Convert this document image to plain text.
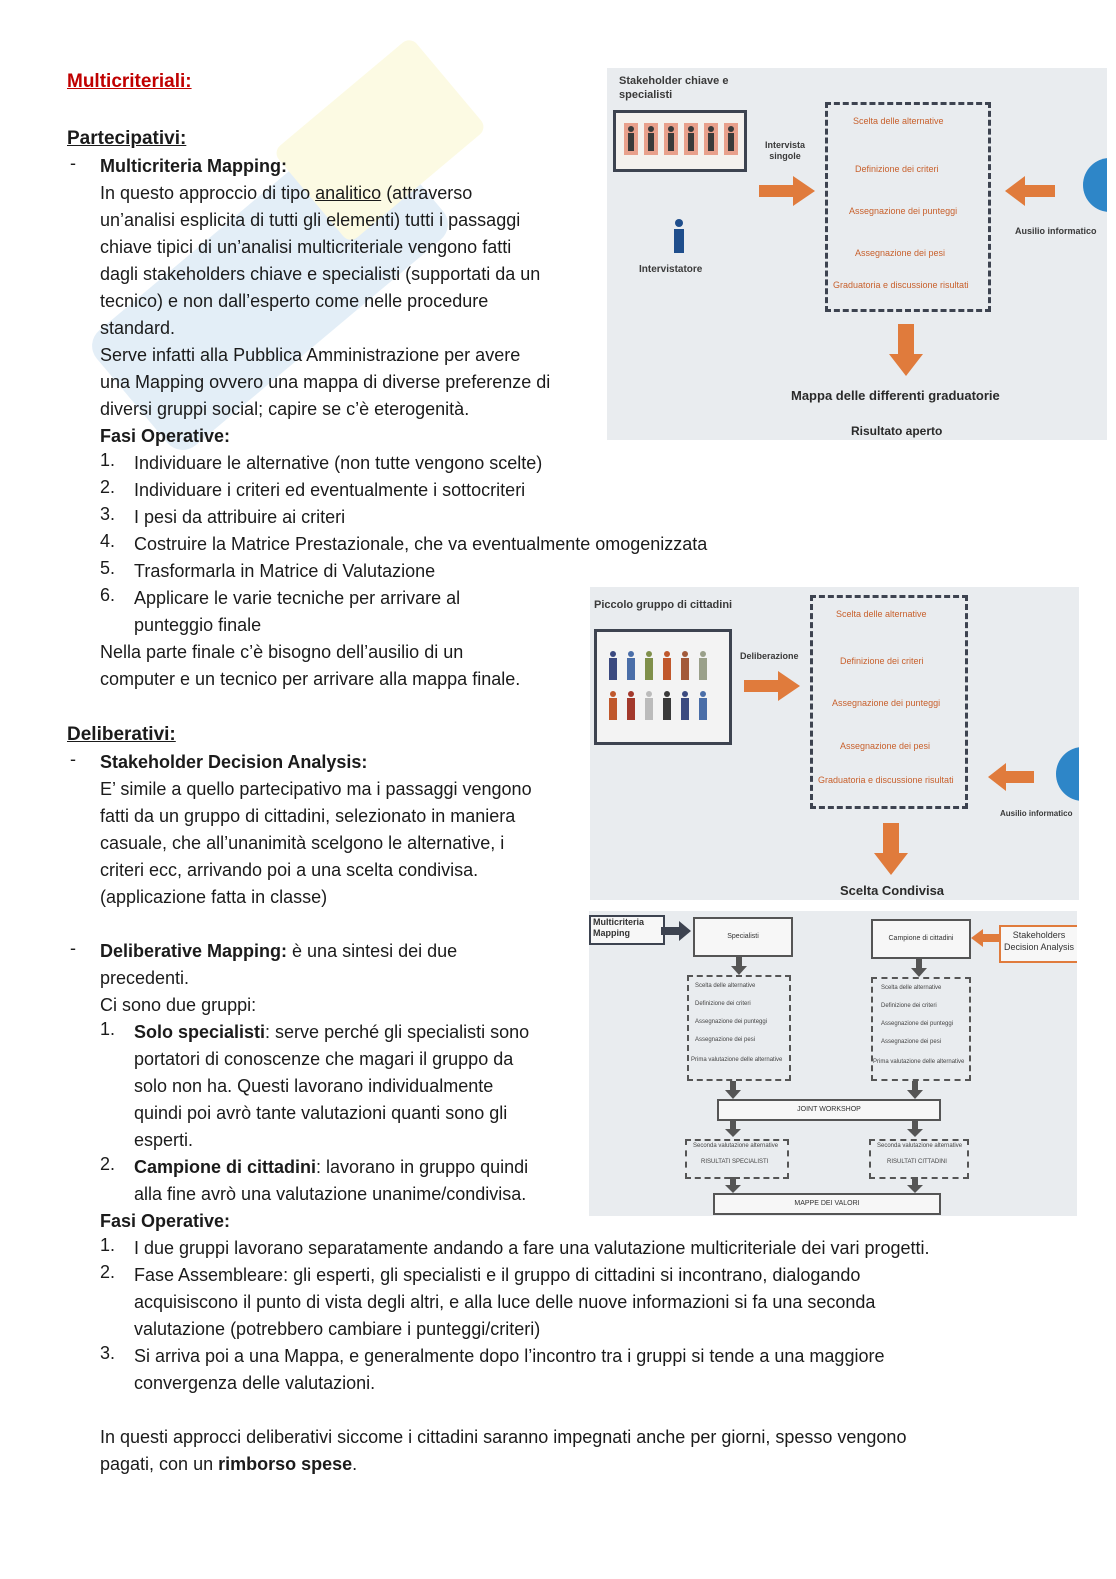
Multicriteriali:
Partecipativi:
- Multicriteria Mapping:
In questo approccio di tipo analitico (attraverso
un’analisi esplicita di tutti gli elementi) tutti i passaggi
chiave tipici di un’analisi multicriteriale vengono fatti
dagli stakeholders chiave e specialisti (supportati da un
tecnico) e non dall’esperto come nelle procedure
standard.
Serve infatti alla Pubblica Amministrazione per avere
una Mapping ovvero una mappa di diverse preferenze di
diversi gruppi social; capire se c’è eterogenità.
Fasi Operative:
1.	Individuare le alternative (non tutte vengono scelte)
2.	Individuare i criteri ed eventualmente i sottocriteri
3.	I pesi da attribuire ai criteri
4.	Costruire la Matrice Prestazionale, che va eventualmente omogenizzata
5.	Trasformarla in Matrice di Valutazione
6.	Applicare le varie tecniche per arrivare al
punteggio finale
Nella parte finale c’è bisogno dell’ausilio di un
computer e un tecnico per arrivare alla mappa finale.
Deliberativi:
- Stakeholder Decision Analysis:
E’ simile a quello partecipativo ma i passaggi vengono
fatti da un gruppo di cittadini, selezionato in maniera
casuale, che all’unanimità scelgono le alternative, i
criteri ecc, arrivando poi a una scelta condivisa.
(applicazione fatta in classe)
- Deliberative Mapping: è una sintesi dei due
precedenti.
Ci sono due gruppi:
1.	Solo specialisti: serve perché gli specialisti sono
portatori di conoscenze che magari il gruppo da
solo non ha. Questi lavorano individualmente
quindi poi avrò tante valutazioni quanti sono gli
esperti.
2.	Campione di cittadini: lavorano in gruppo quindi
alla fine avrò una valutazione unanime/condivisa.
Fasi Operative:
1.	I due gruppi lavorano separatamente andando a fare una valutazione multicriteriale dei vari progetti.
2.	Fase Assembleare: gli esperti, gli specialisti e il gruppo di cittadini si incontrano, dialogando
acquisiscono il punto di vista degli altri, e alla luce delle nuove informazioni si fa una seconda
valutazione (potrebbero cambiare i punteggi/criteri)
3.	Si arriva poi a una Mappa, e generalmente dopo l’incontro tra i gruppi si tende a una maggiore
convergenza delle valutazioni.
In questi approcci deliberativi siccome i cittadini saranno impegnati anche per giorni, spesso vengono
pagati, con un rimborso spese.
Stakeholder chiave e specialisti
Intervista singole
Intervistatore
Scelta delle alternative
Definizione dei criteri
Assegnazione dei punteggi
Assegnazione dei pesi
Graduatoria e discussione risultati
Ausilio informatico
Mappa delle differenti graduatorie
Risultato aperto
Piccolo gruppo di cittadini
Deliberazione
Scelta delle alternative
Definizione dei criteri
Assegnazione dei punteggi
Assegnazione dei pesi
Graduatoria e discussione risultati
Ausilio informatico
Scelta Condivisa
Multicriteria Mapping	Specialisti	Campione di cittadini	Stakeholders Decision Analysis
Scelta delle alternative
Definizione dei criteri
Assegnazione dei punteggi
Assegnazione dei pesi
Prima valutazione delle alternative
Scelta delle alternative
Definizione dei criteri
Assegnazione dei punteggi
Assegnazione dei pesi
Prima valutazione delle alternative
JOINT WORKSHOP
Seconda valutazione alternative
RISULTATI SPECIALISTI
Seconda valutazione alternative
RISULTATI CITTADINI
MAPPE DEI VALORI
